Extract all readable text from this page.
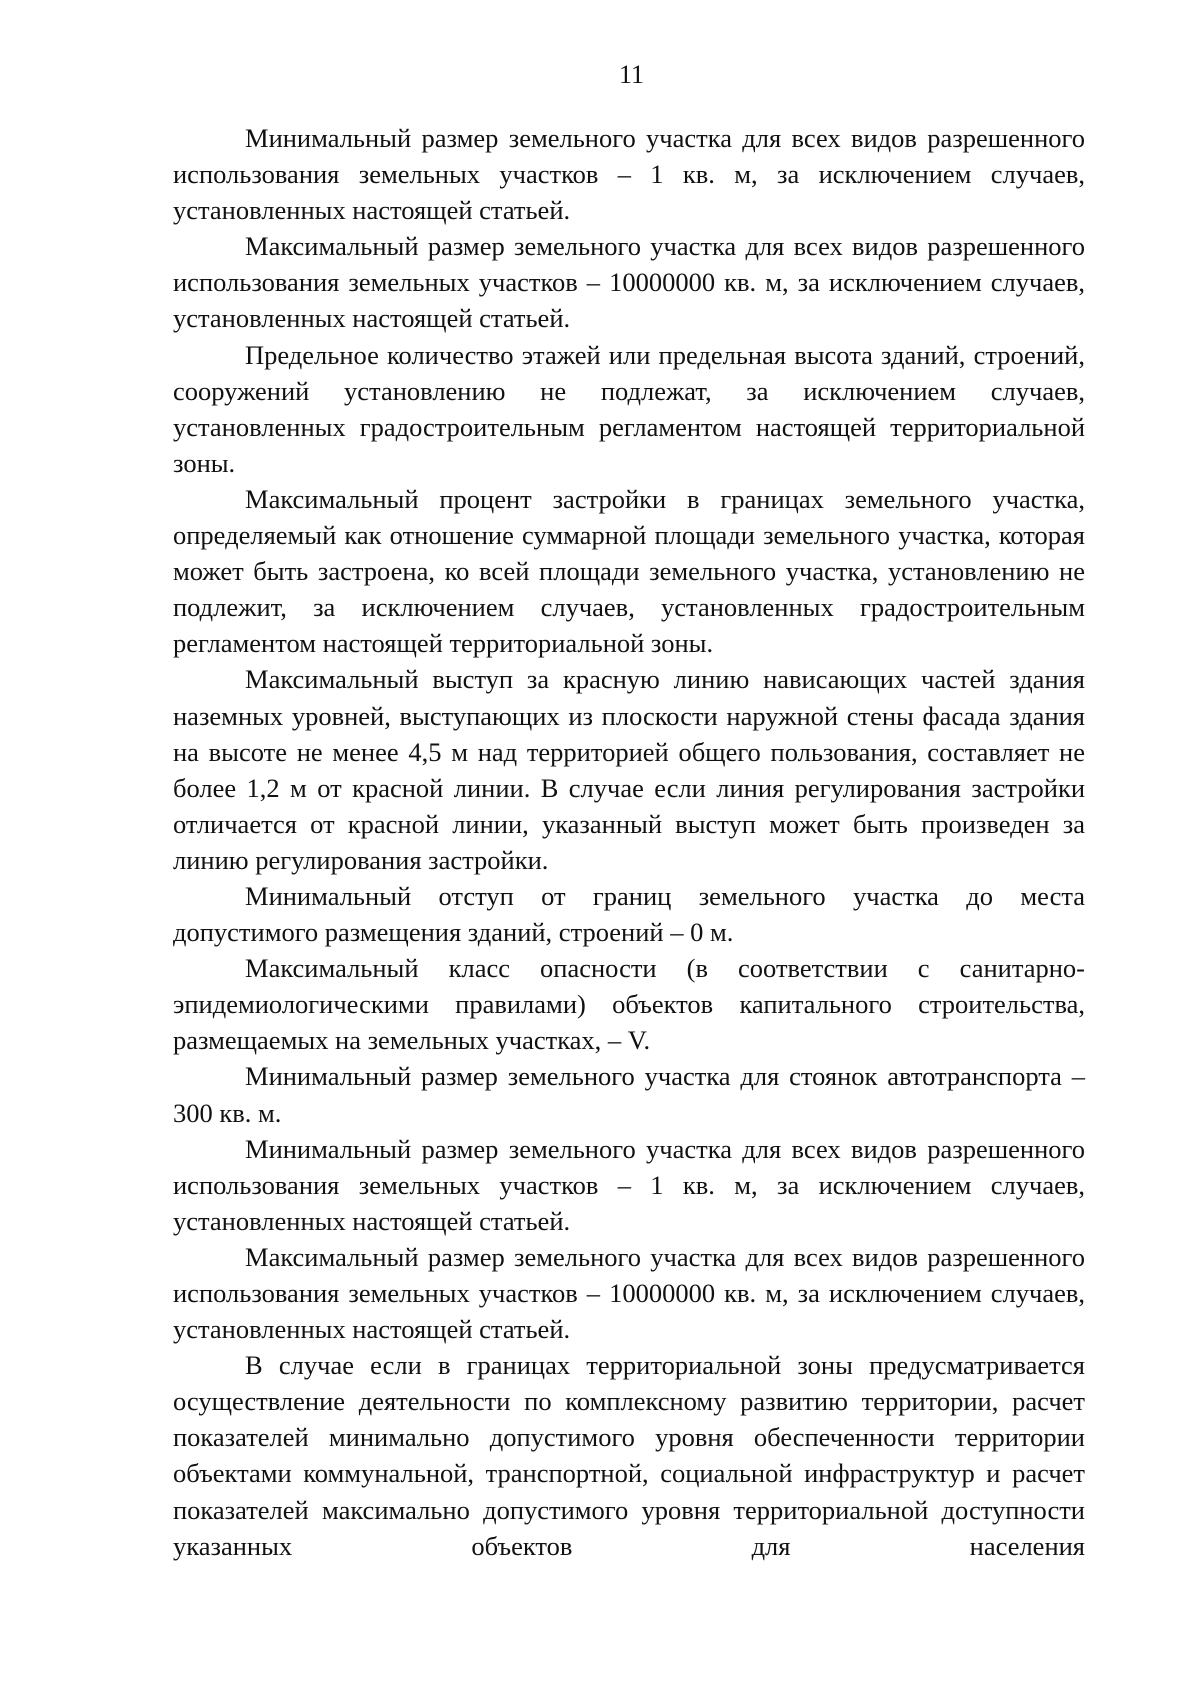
11

Минимальный размер земельного участка для всех видов разрешенного использования земельных участков – 1 кв. м, за исключением случаев, установленных настоящей статьей.

Максимальный размер земельного участка для всех видов разрешенного использования земельных участков – 10000000 кв. м, за исключением случаев, установленных настоящей статьей.

Предельное количество этажей или предельная высота зданий, строений, сооружений установлению не подлежат, за исключением случаев, установленных градостроительным регламентом настоящей территориальной зоны.

Максимальный процент застройки в границах земельного участка, определяемый как отношение суммарной площади земельного участка, которая может быть застроена, ко всей площади земельного участка, установлению не подлежит, за исключением случаев, установленных градостроительным регламентом настоящей территориальной зоны.

Максимальный выступ за красную линию нависающих частей здания наземных уровней, выступающих из плоскости наружной стены фасада здания на высоте не менее 4,5 м над территорией общего пользования, составляет не более 1,2 м от красной линии. В случае если линия регулирования застройки отличается от красной линии, указанный выступ может быть произведен за линию регулирования застройки.

Минимальный отступ от границ земельного участка до места допустимого размещения зданий, строений – 0 м.

Максимальный класс опасности (в соответствии с санитарно-эпидемиологическими правилами) объектов капитального строительства, размещаемых на земельных участках, – V.

Минимальный размер земельного участка для стоянок автотранспорта – 300 кв. м.

Минимальный размер земельного участка для всех видов разрешенного использования земельных участков – 1 кв. м, за исключением случаев, установленных настоящей статьей.

Максимальный размер земельного участка для всех видов разрешенного использования земельных участков – 10000000 кв. м, за исключением случаев, установленных настоящей статьей.

В случае если в границах территориальной зоны предусматривается осуществление деятельности по комплексному развитию территории, расчет показателей минимально допустимого уровня обеспеченности территории объектами коммунальной, транспортной, социальной инфраструктур и расчет показателей максимально допустимого уровня территориальной доступности указанных объектов для населения
